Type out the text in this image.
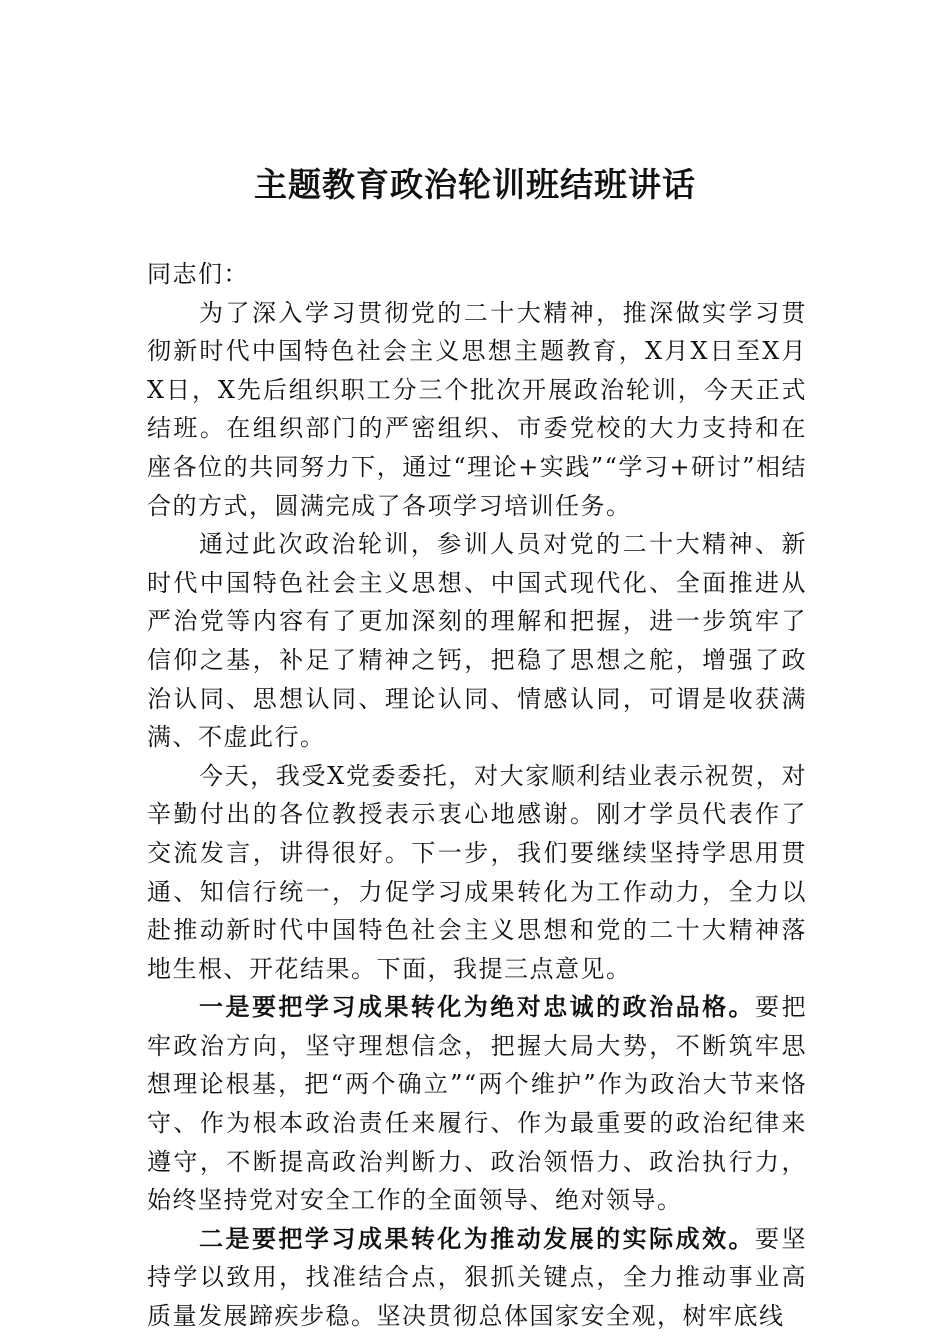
主题教育政治轮训班结班讲话

同志们：

为了深入学习贯彻党的二十大精神，推深做实学习贯彻新时代中国特色社会主义思想主题教育，X月X日至X月X日，X先后组织职工分三个批次开展政治轮训，今天正式结班。在组织部门的严密组织、市委党校的大力支持和在座各位的共同努力下，通过“理论+实践”“学习+研讨”相结合的方式，圆满完成了各项学习培训任务。

通过此次政治轮训，参训人员对党的二十大精神、新时代中国特色社会主义思想、中国式现代化、全面推进从严治党等内容有了更加深刻的理解和把握，进一步筑牢了信仰之基，补足了精神之钙，把稳了思想之舵，增强了政治认同、思想认同、理论认同、情感认同，可谓是收获满满、不虚此行。

今天，我受X党委委托，对大家顺利结业表示祝贺，对辛勤付出的各位教授表示衷心地感谢。刚才学员代表作了交流发言，讲得很好。下一步，我们要继续坚持学思用贯通、知信行统一，力促学习成果转化为工作动力，全力以赴推动新时代中国特色社会主义思想和党的二十大精神落地生根、开花结果。下面，我提三点意见。

一是要把学习成果转化为绝对忠诚的政治品格。要把牢政治方向，坚守理想信念，把握大局大势，不断筑牢思想理论根基，把“两个确立”“两个维护”作为政治大节来恪守、作为根本政治责任来履行、作为最重要的政治纪律来遵守，不断提高政治判断力、政治领悟力、政治执行力，始终坚持党对安全工作的全面领导、绝对领导。

二是要把学习成果转化为推动发展的实际成效。要坚持学以致用，找准结合点，狠抓关键点，全力推动事业高质量发展蹄疾步稳。坚决贯彻总体国家安全观，树牢底线
